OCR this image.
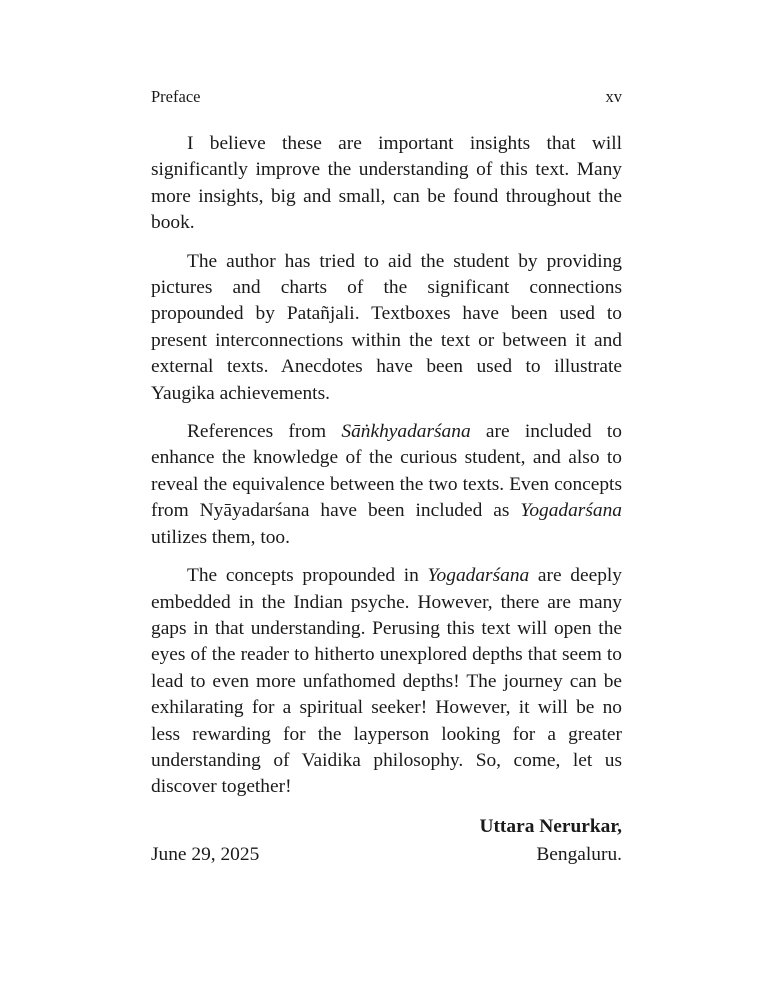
Preface	xv

I believe these are important insights that will significantly improve the understanding of this text. Many more insights, big and small, can be found throughout the book.

The author has tried to aid the student by providing pictures and charts of the significant connections propounded by Patañjali. Textboxes have been used to present interconnections within the text or between it and external texts. Anecdotes have been used to illustrate Yaugika achievements.

References from Sāṅkhyadarśana are included to enhance the knowledge of the curious student, and also to reveal the equivalence between the two texts. Even concepts from Nyāyadarśana have been included as Yogadarśana utilizes them, too.

The concepts propounded in Yogadarśana are deeply embedded in the Indian psyche. However, there are many gaps in that understanding. Perusing this text will open the eyes of the reader to hitherto unexplored depths that seem to lead to even more unfathomed depths! The journey can be exhilarating for a spiritual seeker! However, it will be no less rewarding for the layperson looking for a greater understanding of Vaidika philosophy. So, come, let us discover together!

Uttara Nerurkar,
June 29, 2025	Bengaluru.
